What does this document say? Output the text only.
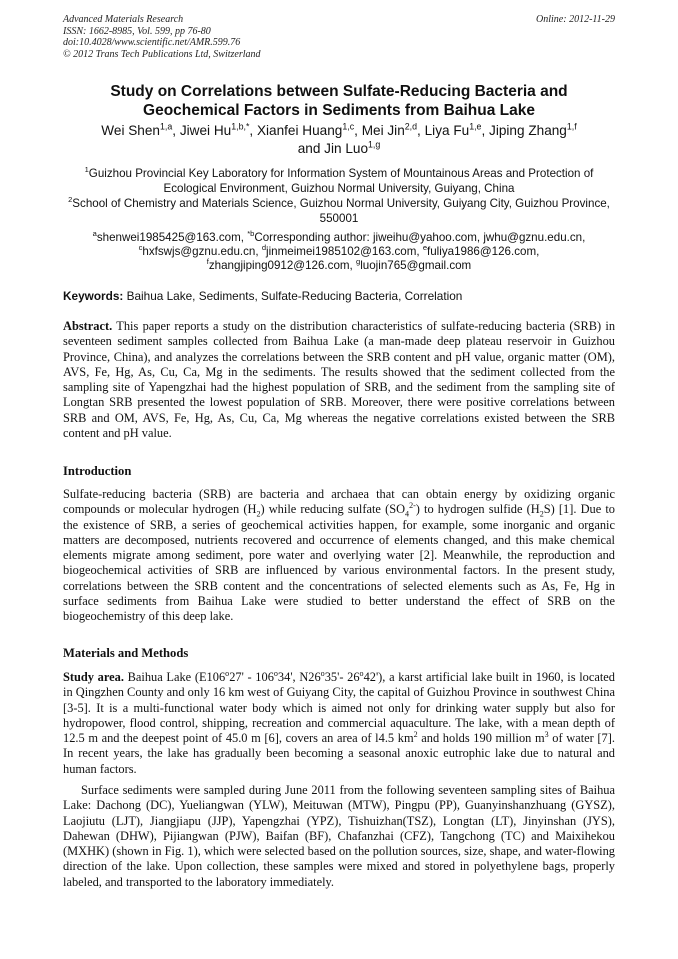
Advanced Materials Research
ISSN: 1662-8985, Vol. 599, pp 76-80
doi:10.4028/www.scientific.net/AMR.599.76
© 2012 Trans Tech Publications Ltd, Switzerland
Online: 2012-11-29
Study on Correlations between Sulfate-Reducing Bacteria and Geochemical Factors in Sediments from Baihua Lake
Wei Shen$^{1,a}$, Jiwei $Hu^{1,b,*}$, Xianfei Huang$^{1,c}$, Mei Jin$^{2,d}$, Liya Fu$^{1,e}$, Jiping Zhang$^{1,f}$
and Jin Luo$^{1,g}$
$^1$Guizhou Provincial Key Laboratory for Information System of Mountainous Areas and Protection of Ecological Environment, Guizhou Normal University, Guiyang, China
$^2$School of Chemistry and Materials Science, Guizhou Normal University, Guiyang City, Guizhou Province, 550001
$^a$shenwei1985425@163.com, $^{*b}$Corresponding author: jiweihu@yahoo.com, jwhu@gznu.edu.cn,
$^c$hxfswjs@gznu.edu.cn, $^d$jinmeimei1985102@163.com, $^e$fuliya1986@126.com,
$^f$zhangjiping0912@126.com, $^g$luojin765@gmail.com
Keywords: Baihua Lake, Sediments, Sulfate-Reducing Bacteria, Correlation
Abstract. This paper reports a study on the distribution characteristics of sulfate-reducing bacteria (SRB) in seventeen sediment samples collected from Baihua Lake (a man-made deep plateau reservoir in Guizhou Province, China), and analyzes the correlations between the SRB content and pH value, organic matter (OM), AVS, Fe, Hg, As, Cu, Ca, Mg in the sediments. The results showed that the sediment collected from the sampling site of Yapengzhai had the highest population of SRB, and the sediment from the sampling site of Longtan SRB presented the lowest population of SRB. Moreover, there were positive correlations between SRB and OM, AVS, Fe, Hg, As, Cu, Ca, Mg whereas the negative correlations existed between the SRB content and pH value.
Introduction
Sulfate-reducing bacteria (SRB) are bacteria and archaea that can obtain energy by oxidizing organic compounds or molecular hydrogen $(H_2)$ while reducing sulfate $(SO_4^{2-})$ to hydrogen sulfide $(H_2S)$ [1]. Due to the existence of SRB, a series of geochemical activities happen, for example, some inorganic and organic matters are decomposed, nutrients recovered and occurrence of elements changed, and this make chemical elements migrate among sediment, pore water and overlying water [2]. Meanwhile, the reproduction and biogeochemical activities of SRB are influenced by various environmental factors. In the present study, correlations between the SRB content and the concentrations of selected elements such as As, Fe, Hg in surface sediments from Baihua Lake were studied to better understand the effect of SRB on the biogeochemistry of this deep lake.
Materials and Methods
Study area. Baihua Lake (E106$^o$27' - 106$^o$34', N26$^o$35'- 26$^o$42'), a karst artificial lake built in 1960, is located in Qingzhen County and only 16 km west of Guiyang City, the capital of Guizhou Province in southwest China [3-5]. It is a multi-functional water body which is aimed not only for drinking water supply but also for hydropower, flood control, shipping, recreation and commercial aquaculture. The lake, with a mean depth of 12.5 m and the deepest point of 45.0 m [6], covers an area of l4.5 $km^2$ and holds 190 million $m^3$ of water [7]. In recent years, the lake has gradually been becoming a seasonal anoxic eutrophic lake due to natural and human factors.
Surface sediments were sampled during June 2011 from the following seventeen sampling sites of Baihua Lake: Dachong (DC), Yueliangwan (YLW), Meituwan (MTW), Pingpu (PP), Guanyinshanzhuang (GYSZ), Laojiutu (LJT), Jiangjiapu (JJP), Yapengzhai (YPZ), Tishuizhan(TSZ), Longtan (LT), Jinyinshan (JYS), Dahewan (DHW), Pijiangwan (PJW), Baifan (BF), Chafanzhai (CFZ), Tangchong (TC) and Maixihekou (MXHK) (shown in Fig. 1), which were selected based on the pollution sources, size, shape, and water-flowing direction of the lake. Upon collection, these samples were mixed and stored in polyethylene bags, properly labeled, and transported to the laboratory immediately.
